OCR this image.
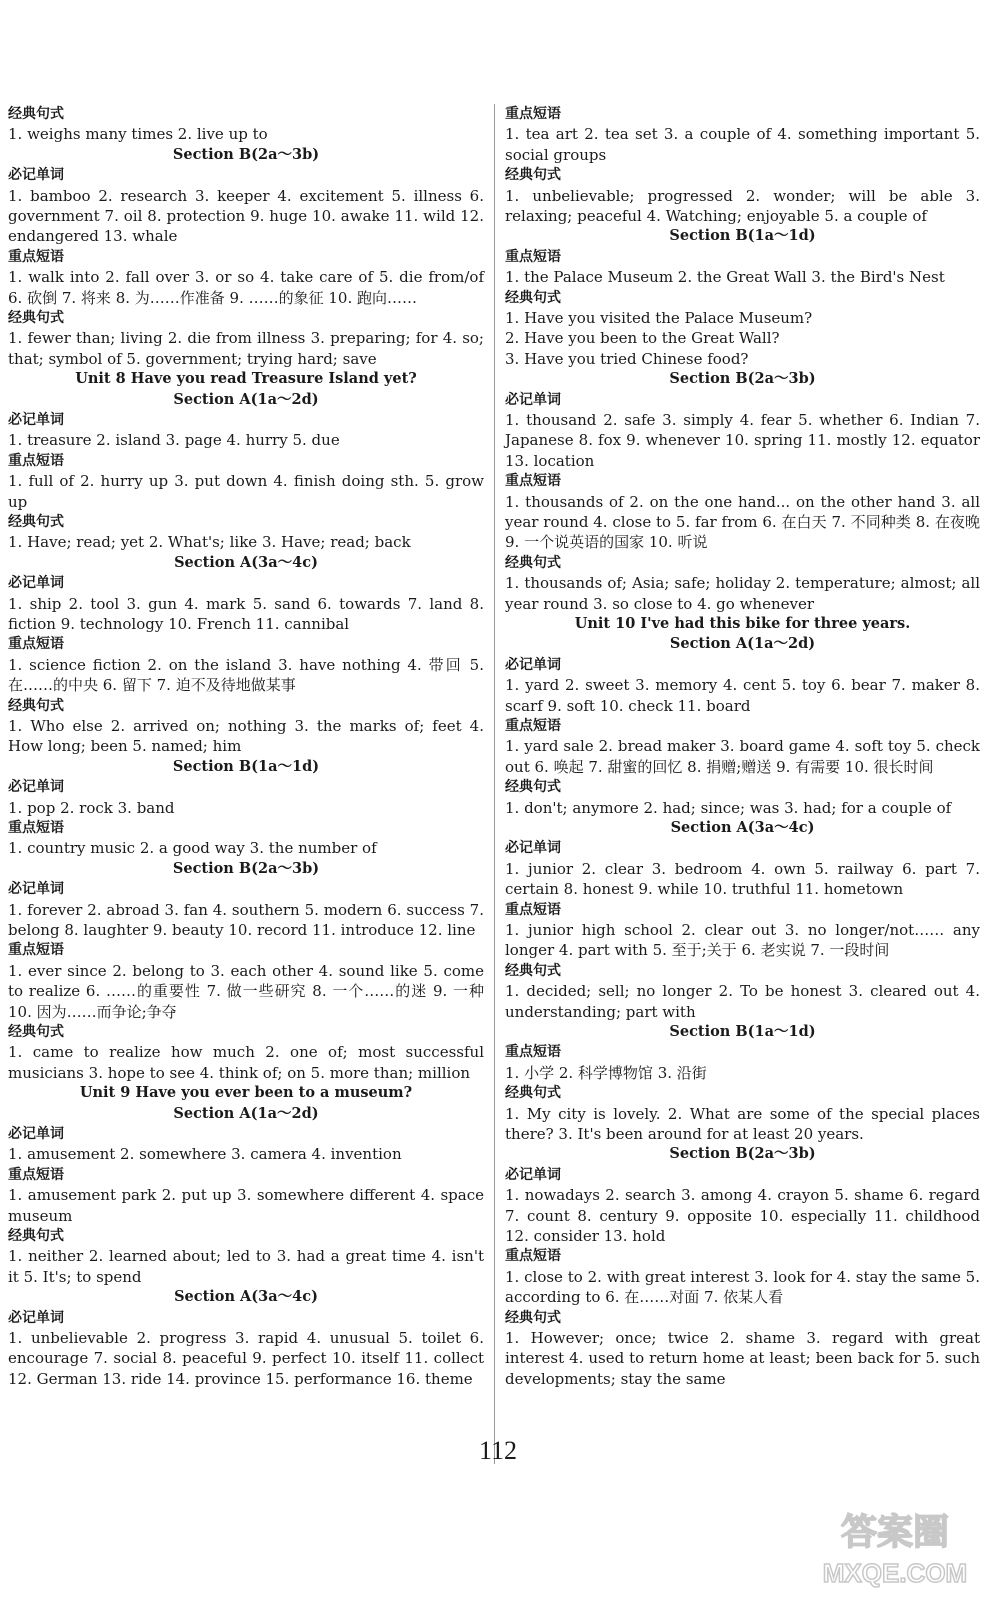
经典句式
1. weighs many times 2. live up to
Section B(2a～3b)
必记单词
1. bamboo 2. research 3. keeper 4. excitement 5. illness 6. government 7. oil 8. protection 9. huge 10. awake 11. wild 12. endangered 13. whale
重点短语
1. walk into 2. fall over 3. or so 4. take care of 5. die from/of 6. 砍倒 7. 将来 8. 为……作准备 9. ……的象征 10. 跑向……
经典句式
1. fewer than; living 2. die from illness 3. preparing; for 4. so; that; symbol of 5. government; trying hard; save
Unit 8 Have you read Treasure Island yet?
Section A(1a～2d)
必记单词
1. treasure 2. island 3. page 4. hurry 5. due
重点短语
1. full of 2. hurry up 3. put down 4. finish doing sth. 5. grow up
经典句式
1. Have; read; yet 2. What's; like 3. Have; read; back
Section A(3a～4c)
必记单词
1. ship 2. tool 3. gun 4. mark 5. sand 6. towards 7. land 8. fiction 9. technology 10. French 11. cannibal
重点短语
1. science fiction 2. on the island 3. have nothing 4. 带回 5. 在……的中央 6. 留下 7. 迫不及待地做某事
经典句式
1. Who else 2. arrived on; nothing 3. the marks of; feet 4. How long; been 5. named; him
Section B(1a～1d)
必记单词
1. pop 2. rock 3. band
重点短语
1. country music 2. a good way 3. the number of
Section B(2a～3b)
必记单词
1. forever 2. abroad 3. fan 4. southern 5. modern 6. success 7. belong 8. laughter 9. beauty 10. record 11. introduce 12. line
重点短语
1. ever since 2. belong to 3. each other 4. sound like 5. come to realize 6. ……的重要性 7. 做一些研究 8. 一个……的迷 9. 一种 10. 因为……而争论;争夺
经典句式
1. came to realize how much 2. one of; most successful musicians 3. hope to see 4. think of; on 5. more than; million
Unit 9 Have you ever been to a museum?
Section A(1a～2d)
必记单词
1. amusement 2. somewhere 3. camera 4. invention
重点短语
1. amusement park 2. put up 3. somewhere different 4. space museum
经典句式
1. neither 2. learned about; led to 3. had a great time 4. isn't it 5. It's; to spend
Section A(3a～4c)
必记单词
1. unbelievable 2. progress 3. rapid 4. unusual 5. toilet 6. encourage 7. social 8. peaceful 9. perfect 10. itself 11. collect 12. German 13. ride 14. province 15. performance 16. theme
重点短语
1. tea art 2. tea set 3. a couple of 4. something important 5. social groups
经典句式
1. unbelievable; progressed 2. wonder; will be able 3. relaxing; peaceful 4. Watching; enjoyable 5. a couple of
Section B(1a～1d)
重点短语
1. the Palace Museum 2. the Great Wall 3. the Bird's Nest
经典句式
1. Have you visited the Palace Museum?
2. Have you been to the Great Wall?
3. Have you tried Chinese food?
Section B(2a～3b)
必记单词
1. thousand 2. safe 3. simply 4. fear 5. whether 6. Indian 7. Japanese 8. fox 9. whenever 10. spring 11. mostly 12. equator 13. location
重点短语
1. thousands of 2. on the one hand... on the other hand 3. all year round 4. close to 5. far from 6. 在白天 7. 不同种类 8. 在夜晚 9. 一个说英语的国家 10. 听说
经典句式
1. thousands of; Asia; safe; holiday 2. temperature; almost; all year round 3. so close to 4. go whenever
Unit 10 I've had this bike for three years.
Section A(1a～2d)
必记单词
1. yard 2. sweet 3. memory 4. cent 5. toy 6. bear 7. maker 8. scarf 9. soft 10. check 11. board
重点短语
1. yard sale 2. bread maker 3. board game 4. soft toy 5. check out 6. 唤起 7. 甜蜜的回忆 8. 捐赠;赠送 9. 有需要 10. 很长时间
经典句式
1. don't; anymore 2. had; since; was 3. had; for a couple of
Section A(3a～4c)
必记单词
1. junior 2. clear 3. bedroom 4. own 5. railway 6. part 7. certain 8. honest 9. while 10. truthful 11. hometown
重点短语
1. junior high school 2. clear out 3. no longer/not…… any longer 4. part with 5. 至于;关于 6. 老实说 7. 一段时间
经典句式
1. decided; sell; no longer 2. To be honest 3. cleared out 4. understanding; part with
Section B(1a～1d)
重点短语
1. 小学 2. 科学博物馆 3. 沿街
经典句式
1. My city is lovely. 2. What are some of the special places there? 3. It's been around for at least 20 years.
Section B(2a～3b)
必记单词
1. nowadays 2. search 3. among 4. crayon 5. shame 6. regard 7. count 8. century 9. opposite 10. especially 11. childhood 12. consider 13. hold
重点短语
1. close to 2. with great interest 3. look for 4. stay the same 5. according to 6. 在……对面 7. 依某人看
经典句式
1. However; once; twice 2. shame 3. regard with great interest 4. used to return home at least; been back for 5. such developments; stay the same
112
答案圈
MXQE.COM
